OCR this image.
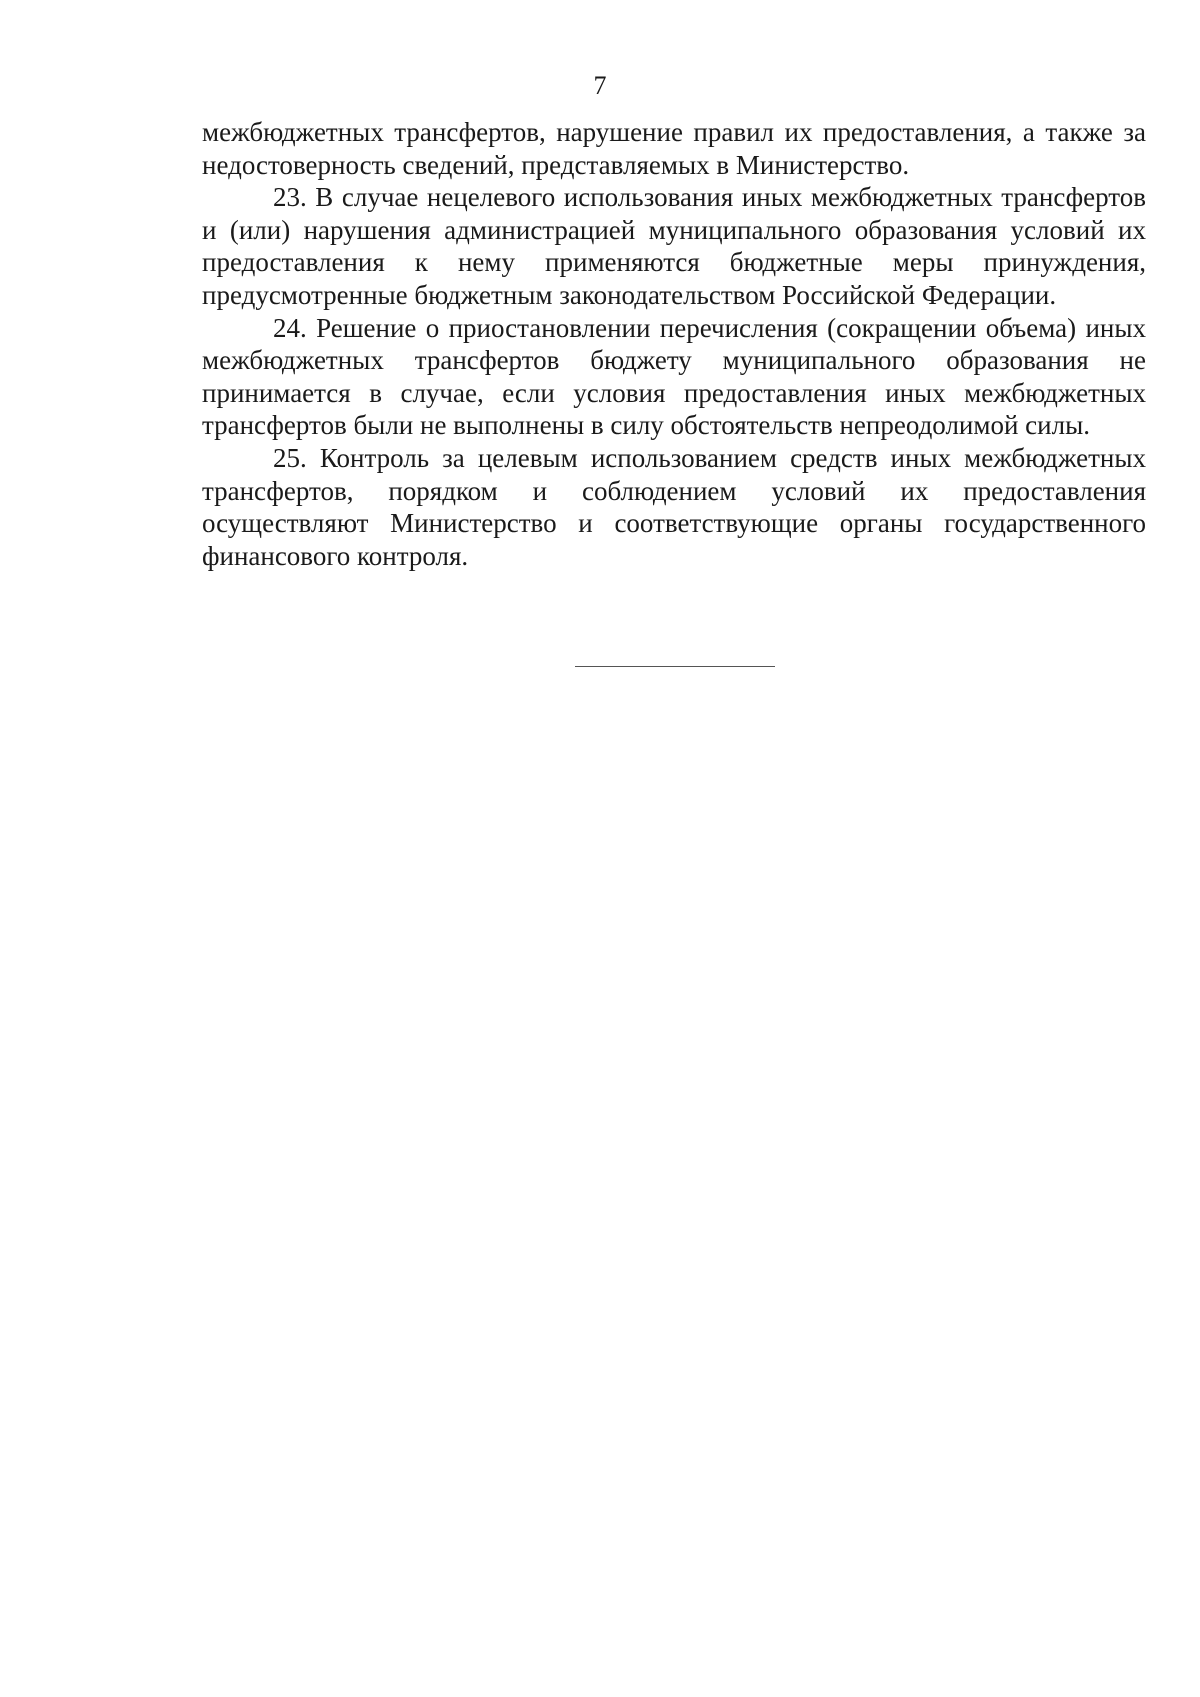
7

межбюджетных трансфертов, нарушение правил их предоставления, а также за недостоверность сведений, представляемых в Министерство.

23. В случае нецелевого использования иных межбюджетных трансфертов и (или) нарушения администрацией муниципального образования условий их предоставления к нему применяются бюджетные меры принуждения, предусмотренные бюджетным законодательством Российской Федерации.

24. Решение о приостановлении перечисления (сокращении объема) иных межбюджетных трансфертов бюджету муниципального образования не принимается в случае, если условия предоставления иных межбюджетных трансфертов были не выполнены в силу обстоятельств непреодолимой силы.

25. Контроль за целевым использованием средств иных межбюджетных трансфертов, порядком и соблюдением условий их предоставления осуществляют Министерство и соответствующие органы государственного финансового контроля.
